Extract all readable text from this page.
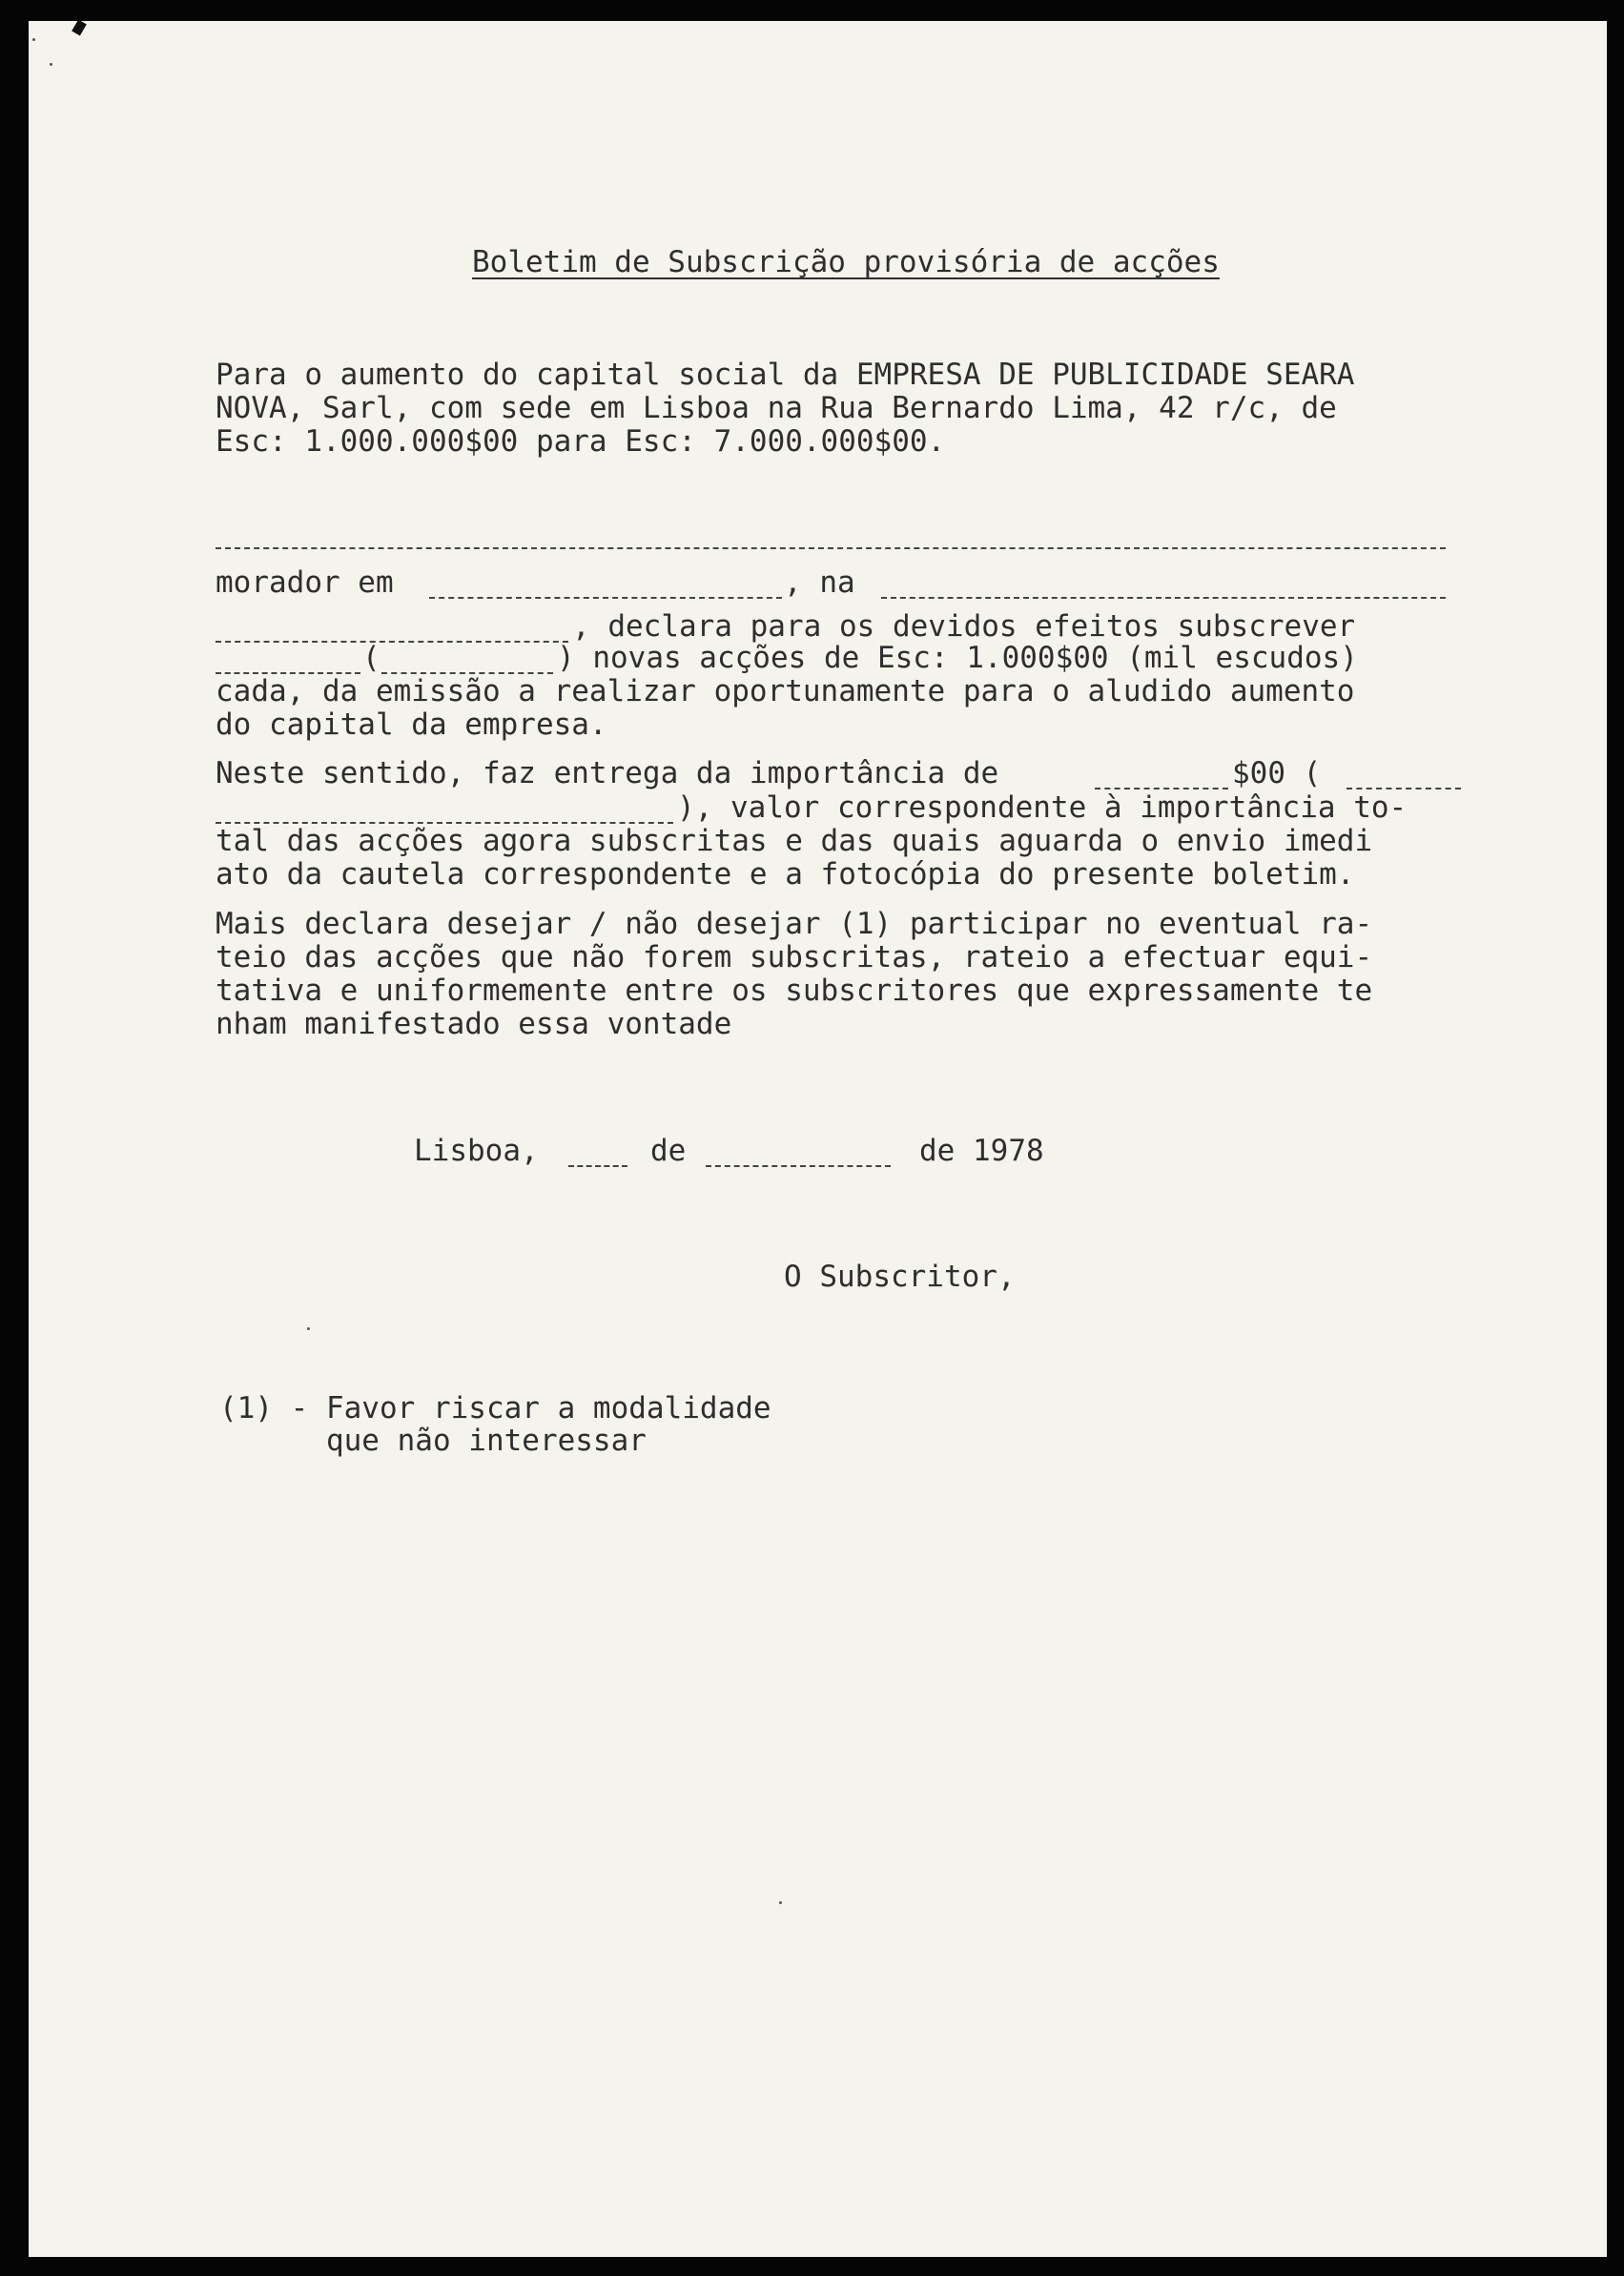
Boletim de Subscrição provisória de acções
Para o aumento do capital social da EMPRESA DE PUBLICIDADE SEARA
NOVA, Sarl, com sede em Lisboa na Rua Bernardo Lima, 42 r/c, de
Esc: 1.000.000$00 para Esc: 7.000.000$00.
morador em	, na
, declara para os devidos efeitos subscrever
(	) novas acções de Esc: 1.000$00 (mil escudos)
cada, da emissão a realizar oportunamente para o aludido aumento
do capital da empresa.
Neste sentido, faz entrega da importância de	$00 (
), valor correspondente à importância to-
tal das acções agora subscritas e das quais aguarda o envio imedi
ato da cautela correspondente e a fotocópia do presente boletim.
Mais declara desejar / não desejar (1) participar no eventual ra-
teio das acções que não forem subscritas, rateio a efectuar equi-
tativa e uniformemente entre os subscritores que expressamente te
nham manifestado essa vontade
Lisboa,	de	de 1978
O Subscritor,
(1) - Favor riscar a modalidade
que não interessar
